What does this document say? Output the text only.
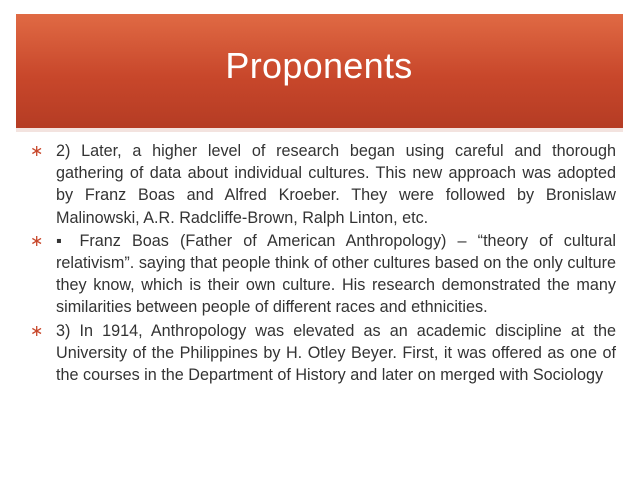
Proponents
∗ 2) Later, a higher level of research began using careful and thorough gathering of data about individual cultures. This new approach was adopted by Franz Boas and Alfred Kroeber. They were followed by Bronislaw Malinowski, A.R. Radcliffe-Brown, Ralph Linton, etc.
∗ ▪ Franz Boas (Father of American Anthropology) – “theory of cultural relativism”. saying that people think of other cultures based on the only culture they know, which is their own culture. His research demonstrated the many similarities between people of different races and ethnicities.
∗ 3) In 1914, Anthropology was elevated as an academic discipline at the University of the Philippines by H. Otley Beyer. First, it was offered as one of the courses in the Department of History and later on merged with Sociology
